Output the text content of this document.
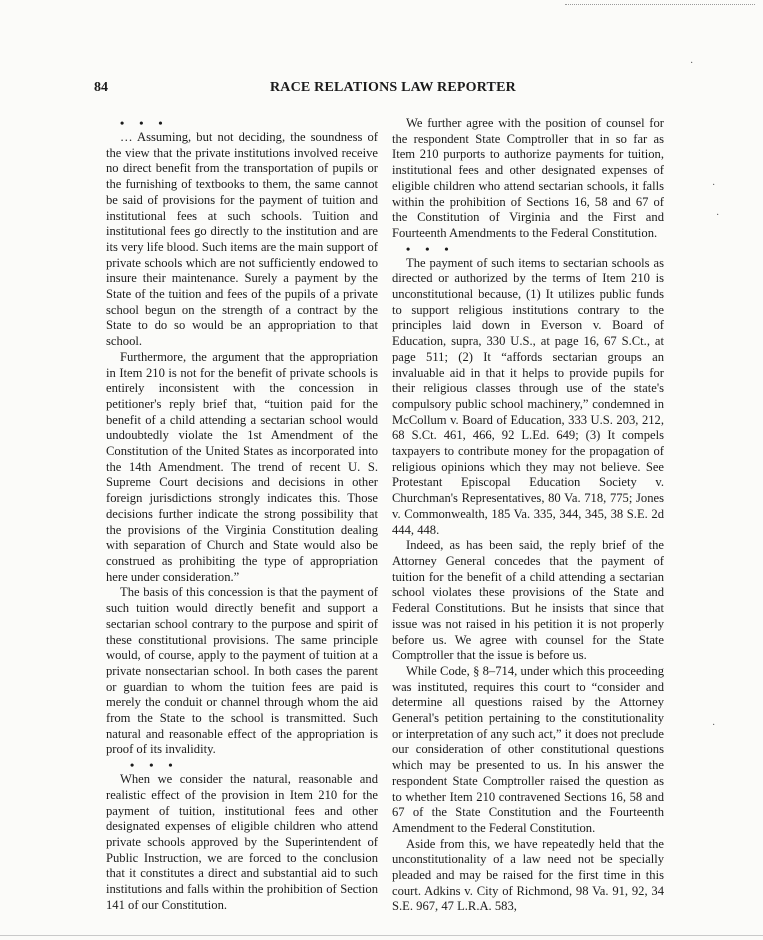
84	RACE RELATIONS LAW REPORTER

• • •

… Assuming, but not deciding, the soundness of the view that the private institutions involved receive no direct benefit from the transportation of pupils or the furnishing of textbooks to them, the same cannot be said of provisions for the payment of tuition and institutional fees at such schools. Tuition and institutional fees go directly to the institution and are its very life blood. Such items are the main support of private schools which are not sufficiently endowed to insure their maintenance. Surely a payment by the State of the tuition and fees of the pupils of a private school begun on the strength of a contract by the State to do so would be an appropriation to that school.

Furthermore, the argument that the appropriation in Item 210 is not for the benefit of private schools is entirely inconsistent with the concession in petitioner's reply brief that, “tuition paid for the benefit of a child attending a sectarian school would undoubtedly violate the 1st Amendment of the Constitution of the United States as incorporated into the 14th Amendment. The trend of recent U. S. Supreme Court decisions and decisions in other foreign jurisdictions strongly indicates this. Those decisions further indicate the strong possibility that the provisions of the Virginia Constitution dealing with separation of Church and State would also be construed as prohibiting the type of appropriation here under consideration.”

The basis of this concession is that the payment of such tuition would directly benefit and support a sectarian school contrary to the purpose and spirit of these constitutional provisions. The same principle would, of course, apply to the payment of tuition at a private nonsectarian school. In both cases the parent or guardian to whom the tuition fees are paid is merely the conduit or channel through whom the aid from the State to the school is transmitted. Such natural and reasonable effect of the appropriation is proof of its invalidity.

• • •

When we consider the natural, reasonable and realistic effect of the provision in Item 210 for the payment of tuition, institutional fees and other designated expenses of eligible children who attend private schools approved by the Superintendent of Public Instruction, we are forced to the conclusion that it constitutes a direct and substantial aid to such institutions and falls within the prohibition of Section 141 of our Constitution.

We further agree with the position of counsel for the respondent State Comptroller that in so far as Item 210 purports to authorize payments for tuition, institutional fees and other designated expenses of eligible children who attend sectarian schools, it falls within the prohibition of Sections 16, 58 and 67 of the Constitution of Virginia and the First and Fourteenth Amendments to the Federal Constitution.

• • •

The payment of such items to sectarian schools as directed or authorized by the terms of Item 210 is unconstitutional because, (1) It utilizes public funds to support religious institutions contrary to the principles laid down in Everson v. Board of Education, supra, 330 U.S., at page 16, 67 S.Ct., at page 511; (2) It “affords sectarian groups an invaluable aid in that it helps to provide pupils for their religious classes through use of the state's compulsory public school machinery,” condemned in McCollum v. Board of Education, 333 U.S. 203, 212, 68 S.Ct. 461, 466, 92 L.Ed. 649; (3) It compels taxpayers to contribute money for the propagation of religious opinions which they may not believe. See Protestant Episcopal Education Society v. Churchman's Representatives, 80 Va. 718, 775; Jones v. Commonwealth, 185 Va. 335, 344, 345, 38 S.E. 2d 444, 448.

Indeed, as has been said, the reply brief of the Attorney General concedes that the payment of tuition for the benefit of a child attending a sectarian school violates these provisions of the State and Federal Constitutions. But he insists that since that issue was not raised in his petition it is not properly before us. We agree with counsel for the State Comptroller that the issue is before us.

While Code, § 8–714, under which this proceeding was instituted, requires this court to “consider and determine all questions raised by the Attorney General's petition pertaining to the constitutionality or interpretation of any such act,” it does not preclude our consideration of other constitutional questions which may be presented to us. In his answer the respondent State Comptroller raised the question as to whether Item 210 contravened Sections 16, 58 and 67 of the State Constitution and the Fourteenth Amendment to the Federal Constitution.

Aside from this, we have repeatedly held that the unconstitutionality of a law need not be specially pleaded and may be raised for the first time in this court. Adkins v. City of Richmond, 98 Va. 91, 92, 34 S.E. 967, 47 L.R.A. 583,

·
·
·
·
